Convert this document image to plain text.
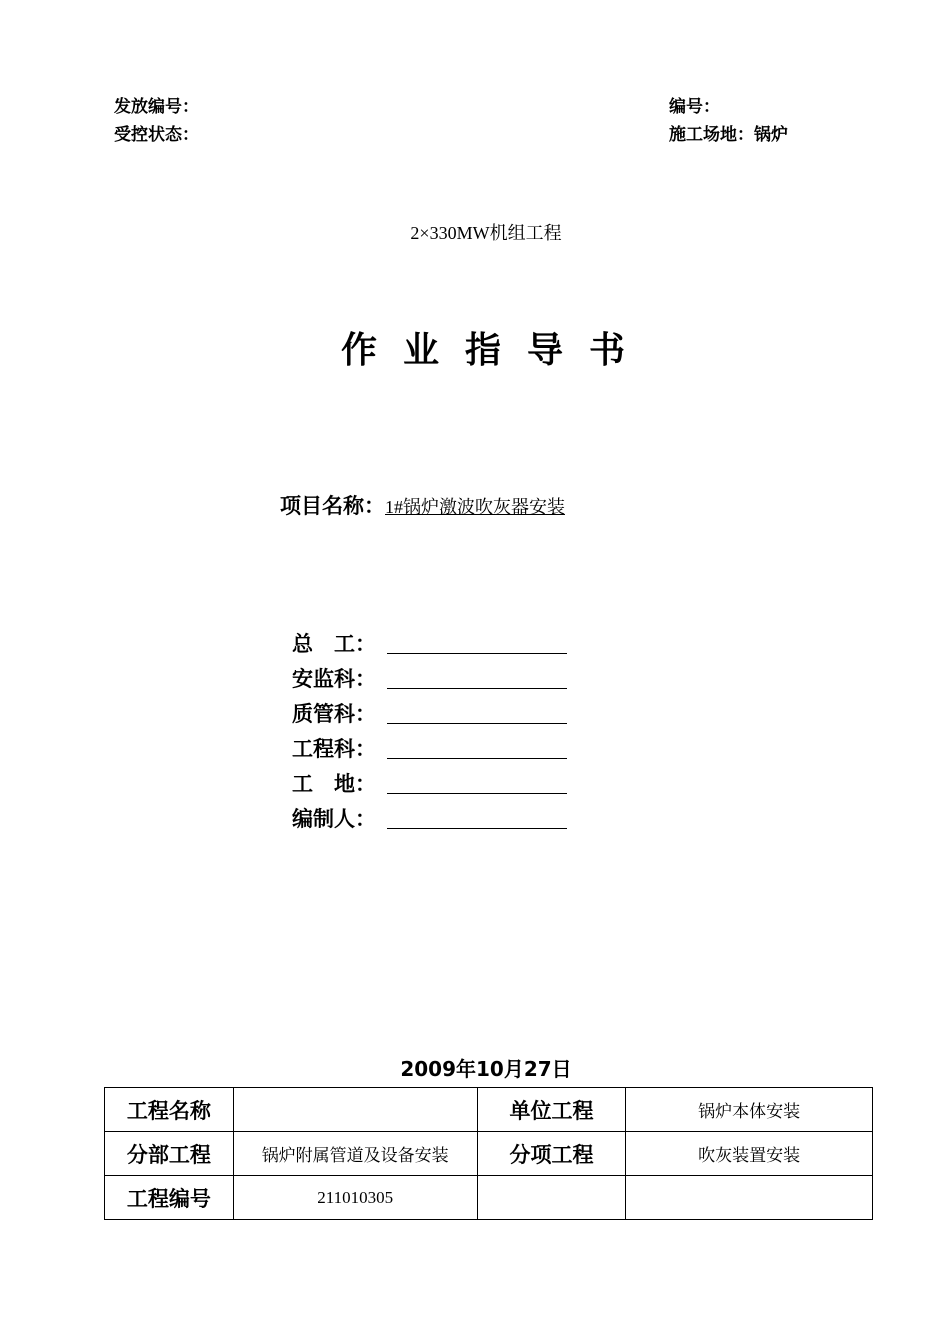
发放编号：	编号：
受控状态：	施工场地：锅炉
2×330MW机组工程
作业指导书
项目名称：1#锅炉激波吹灰器安装
总　工：
安监科：
质管科：
工程科：
工　地：
编制人：
2009年10月27日
工程名称		单位工程	锅炉本体安装
分部工程	锅炉附属管道及设备安装	分项工程	吹灰装置安装
工程编号	211010305		
